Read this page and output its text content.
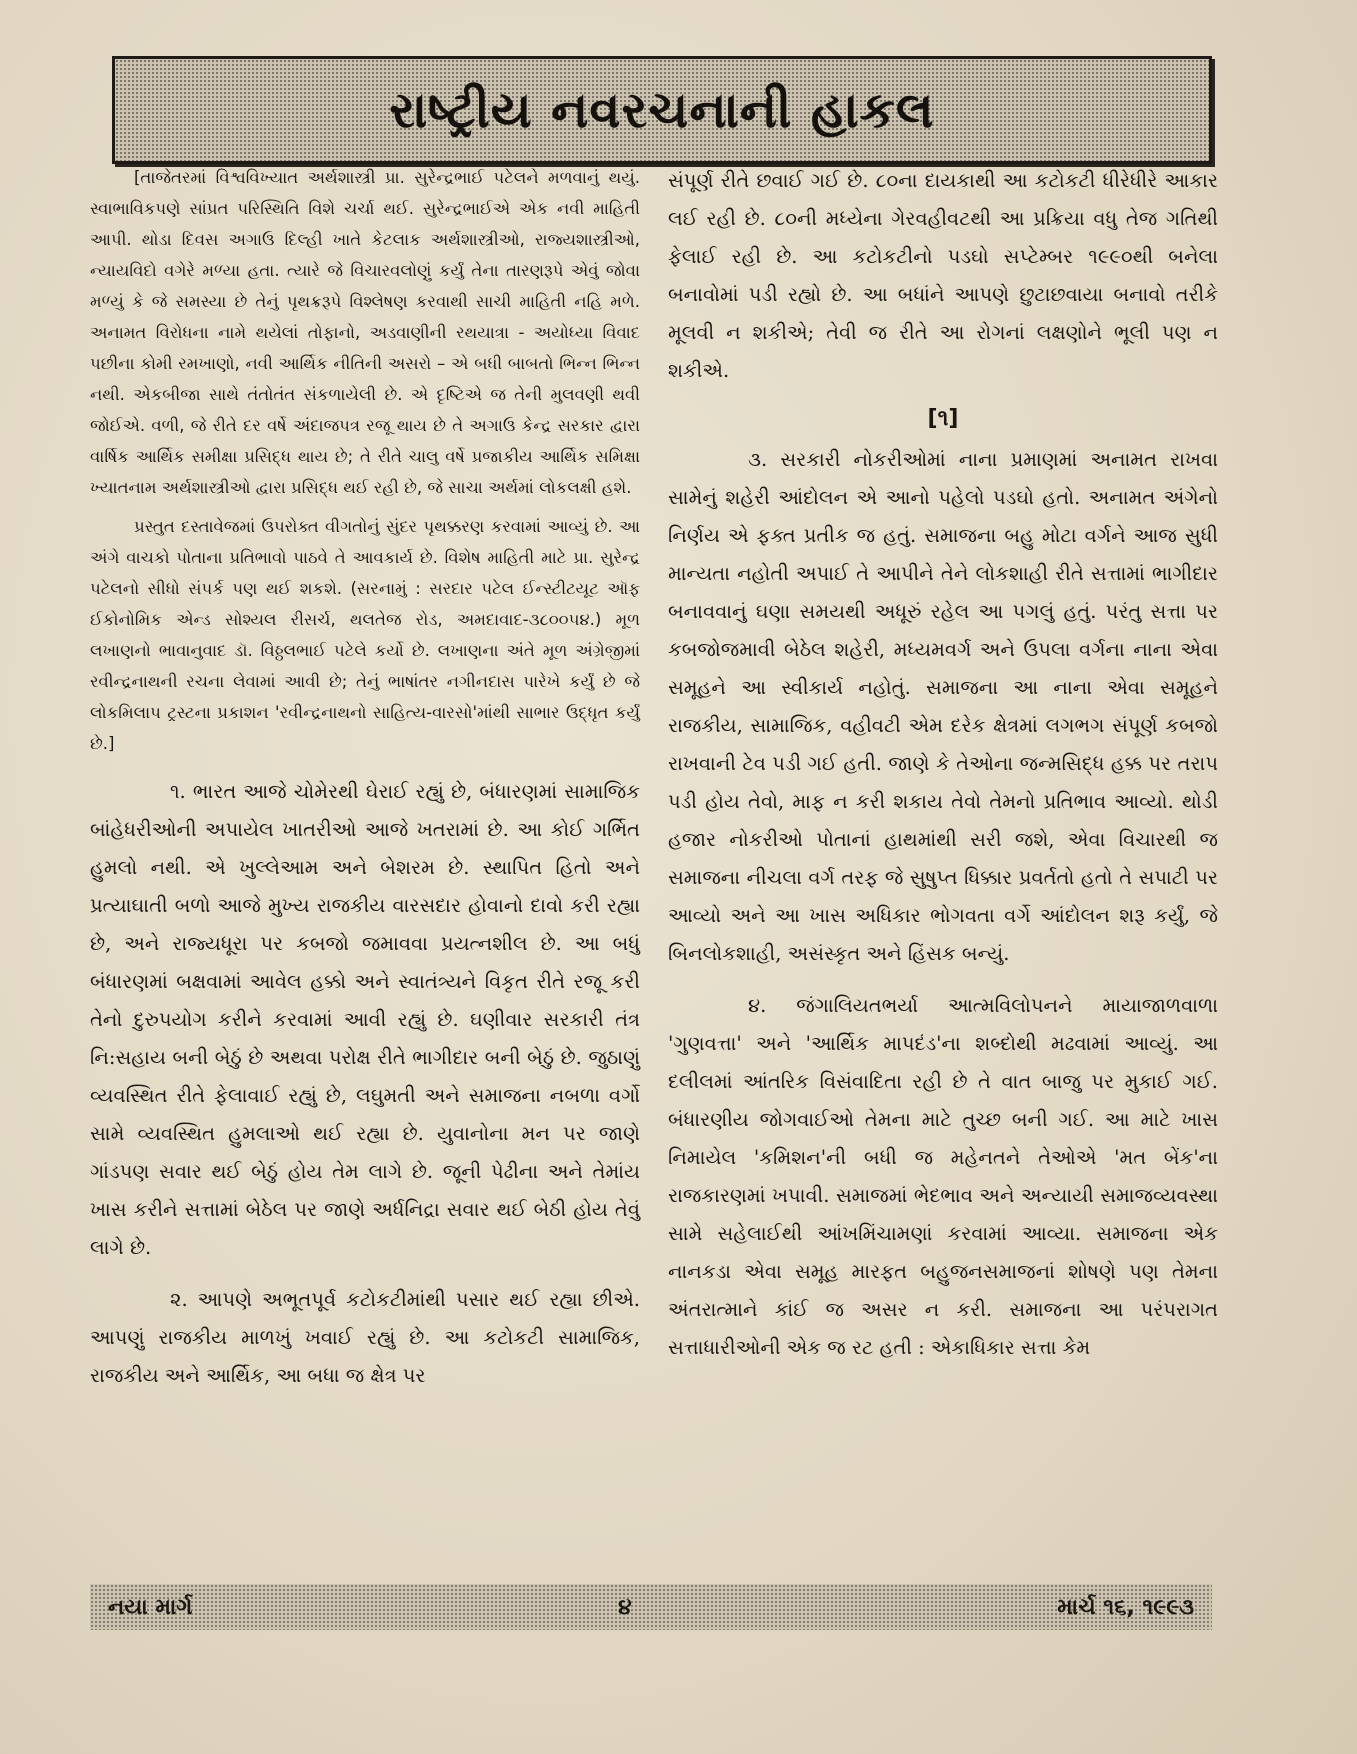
રાષ્ટ્રીય નવરચનાની હાકલ

[તાજેતરમાં વિશ્વવિખ્યાત અર્થશાસ્ત્રી પ્રા. સુરેન્દ્રભાઈ પટેલને મળવાનું થયું. સ્વાભાવિકપણે સાંપ્રત પરિસ્થિતિ વિશે ચર્ચા થઈ. સુરેન્દ્રભાઈએ એક નવી માહિતી આપી. થોડા દિવસ અગાઉ દિલ્હી ખાતે કેટલાક અર્થશાસ્ત્રીઓ, રાજ્યશાસ્ત્રીઓ, ન્યાયવિદો વગેરે મળ્યા હતા. ત્યારે જે વિચારવલોણું કર્યું તેના તારણરૂપે એવું જોવા મળ્યું કે જે સમસ્યા છે તેનું પૃથક્રરૂપે વિશ્લેષણ કરવાથી સાચી માહિતી નહિ મળે. અનામત વિરોધના નામે થયેલાં તોફાનો, અડવાણીની રથયાત્રા - અયોધ્યા વિવાદ પછીના કોમી રમખાણો, નવી આર્થિક નીતિની અસરો – એ બધી બાબતો ભિન્ન ભિન્ન નથી. એકબીજા સાથે તંતોતંત સંકળાયેલી છે. એ દૃષ્ટિએ જ તેની મુલવણી થવી જોઈએ. વળી, જે રીતે દર વર્ષે અંદાજપત્ર રજૂ થાય છે તે અગાઉ કેન્દ્ર સરકાર દ્વારા વાર્ષિક આર્થિક સમીક્ષા પ્રસિદ્ધ થાય છે; તે રીતે ચાલુ વર્ષે પ્રજાકીય આર્થિક સમિક્ષા ખ્યાતનામ અર્થશાસ્ત્રીઓ દ્વારા પ્રસિદ્ધ થઈ રહી છે, જે સાચા અર્થમાં લોકલક્ષી હશે.

પ્રસ્તુત દસ્તાવેજમાં ઉપરોક્ત વીગતોનું સુંદર પૃથક્કરણ કરવામાં આવ્યું છે. આ અંગે વાચકો પોતાના પ્રતિભાવો પાઠવે તે આવકાર્ય છે. વિશેષ માહિતી માટે પ્રા. સુરેન્દ્ર પટેલનો સીધો સંપર્ક પણ થઈ શકશે. (સરનામું : સરદાર પટેલ ઈન્સ્ટીટયૂટ ઑફ ઈકોનોમિક એન્ડ સોશ્યલ રીસર્ચ, થલતેજ રોડ, અમદાવાદ-૩૮૦૦૫૪.) મૂળ લખાણનો ભાવાનુવાદ ડૉ. વિઠ્ઠલભાઈ પટેલે કર્યો છે. લખાણના અંતે મૂળ અંગ્રેજીમાં રવીન્દ્રનાથની રચના લેવામાં આવી છે; તેનું ભાષાંતર નગીનદાસ પારેખે કર્યું છે જે લોકમિલાપ ટ્રસ્ટના પ્રકાશન 'રવીન્દ્રનાથનો સાહિત્ય-વારસો'માંથી સાભાર ઉદ્ધૃત કર્યું છે.]

૧. ભારત આજે ચોમેરથી ઘેરાઈ રહ્યું છે, બંધારણમાં સામાજિક બાંહેધરીઓની અપાયેલ ખાતરીઓ આજે ખતરામાં છે. આ કોઈ ગર્ભિત હુમલો નથી. એ ખુલ્લેઆમ અને બેશરમ છે. સ્થાપિત હિતો અને પ્રત્યાઘાતી બળો આજે મુખ્ય રાજકીય વારસદાર હોવાનો દાવો કરી રહ્યા છે, અને રાજ્યધૂરા પર કબજો જમાવવા પ્રયત્નશીલ છે. આ બધું બંધારણમાં બક્ષવામાં આવેલ હક્કો અને સ્વાતંત્ર્યને વિકૃત રીતે રજૂ કરી તેનો દુરુપયોગ કરીને કરવામાં આવી રહ્યું છે. ઘણીવાર સરકારી તંત્ર નિ:સહાય બની બેઠું છે અથવા પરોક્ષ રીતે ભાગીદાર બની બેઠું છે. જુઠાણું વ્યવસ્થિત રીતે ફેલાવાઈ રહ્યું છે, લઘુમતી અને સમાજના નબળા વર્ગો સામે વ્યવસ્થિત હુમલાઓ થઈ રહ્યા છે. યુવાનોના મન પર જાણે ગાંડપણ સવાર થઈ બેઠું હોય તેમ લાગે છે. જૂની પેઢીના અને તેમાંય ખાસ કરીને સત્તામાં બેઠેલ પર જાણે અર્ધનિદ્રા સવાર થઈ બેઠી હોય તેવું લાગે છે.

૨. આપણે અભૂતપૂર્વ કટોકટીમાંથી પસાર થઈ રહ્યા છીએ. આપણું રાજકીય માળખું ખવાઈ રહ્યું છે. આ કટોકટી સામાજિક, રાજકીય અને આર્થિક, આ બધા જ ક્ષેત્ર પર

સંપૂર્ણ રીતે છવાઈ ગઈ છે. ૮૦ના દાયકાથી આ કટોકટી ધીરેધીરે આકાર લઈ રહી છે. ૮૦ની મધ્યેના ગેરવહીવટથી આ પ્રક્રિયા વધુ તેજ ગતિથી ફેલાઈ રહી છે. આ કટોકટીનો પડઘો સપ્ટેમ્બર ૧૯૯૦થી બનેલા બનાવોમાં પડી રહ્યો છે. આ બધાંને આપણે છુટાછવાયા બનાવો તરીકે મૂલવી ન શકીએ; તેવી જ રીતે આ રોગનાં લક્ષણોને ભૂલી પણ ન શકીએ.

[૧]

૩. સરકારી નોકરીઓમાં નાના પ્રમાણમાં અનામત રાખવા સામેનું શહેરી આંદોલન એ આનો પહેલો પડઘો હતો. અનામત અંગેનો નિર્ણય એ ફક્ત પ્રતીક જ હતું. સમાજના બહુ મોટા વર્ગને આજ સુધી માન્યતા નહોતી અપાઈ તે આપીને તેને લોકશાહી રીતે સત્તામાં ભાગીદાર બનાવવાનું ઘણા સમયથી અધૂરું રહેલ આ પગલું હતું. પરંતુ સત્તા પર કબજોજમાવી બેઠેલ શહેરી, મધ્યમવર્ગ અને ઉપલા વર્ગના નાના એવા સમૂહને આ સ્વીકાર્ય નહોતું. સમાજના આ નાના એવા સમૂહને રાજકીય, સામાજિક, વહીવટી એમ દરેક ક્ષેત્રમાં લગભગ સંપૂર્ણ કબજો રાખવાની ટેવ પડી ગઈ હતી. જાણે કે તેઓના જન્મસિદ્ધ હક્ક પર તરાપ પડી હોય તેવો, માફ ન કરી શકાય તેવો તેમનો પ્રતિભાવ આવ્યો. થોડી હજાર નોકરીઓ પોતાનાં હાથમાંથી સરી જશે, એવા વિચારથી જ સમાજના નીચલા વર્ગ તરફ જે સુષુપ્ત ધિક્કાર પ્રવર્તતો હતો તે સપાટી પર આવ્યો અને આ ખાસ અધિકાર ભોગવતા વર્ગે આંદોલન શરૂ કર્યું, જે બિનલોકશાહી, અસંસ્કૃત અને હિંસક બન્યું.

૪. જંગાલિયતભર્યા આત્મવિલોપનને માયાજાળવાળા 'ગુણવત્તા' અને 'આર્થિક માપદંડ'ના શબ્દોથી મઢવામાં આવ્યું. આ દલીલમાં આંતરિક વિસંવાદિતા રહી છે તે વાત બાજુ પર મુકાઈ ગઈ. બંધારણીય જોગવાઈઓ તેમના માટે તુચ્છ બની ગઈ. આ માટે ખાસ નિમાયેલ 'કમિશન'ની બધી જ મહેનતને તેઓએ 'મત બેંક'ના રાજકારણમાં ખપાવી. સમાજમાં ભેદભાવ અને અન્યાયી સમાજવ્યવસ્થા સામે સહેલાઈથી આંખમિંચામણાં કરવામાં આવ્યા. સમાજના એક નાનકડા એવા સમૂહ મારફત બહુજનસમાજનાં શોષણે પણ તેમના અંતરાત્માને કાંઈ જ અસર ન કરી. સમાજના આ પરંપરાગત સત્તાધારીઓની એક જ રટ હતી : એકાધિકાર સત્તા કેમ

નયા માર્ગ	૪	માર્ચ ૧૬, ૧૯૯૩
